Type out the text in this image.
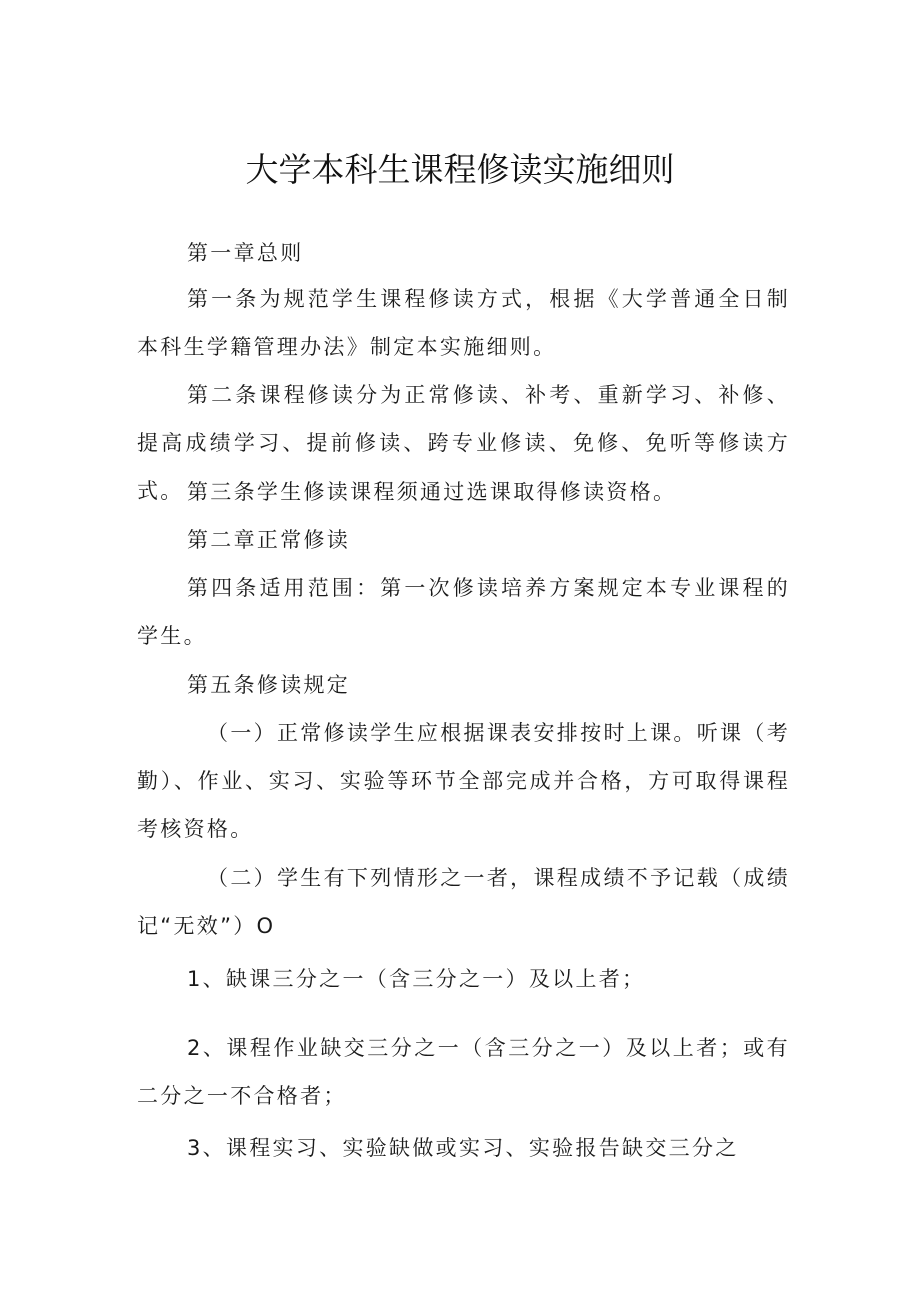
大学本科生课程修读实施细则

第一章总则

第一条为规范学生课程修读方式，根据《大学普通全日制本科生学籍管理办法》制定本实施细则。

第二条课程修读分为正常修读、补考、重新学习、补修、提高成绩学习、提前修读、跨专业修读、免修、免听等修读方式。 第三条学生修读课程须通过选课取得修读资格。

第二章正常修读

第四条适用范围：第一次修读培养方案规定本专业课程的学生。

第五条修读规定

（一）正常修读学生应根据课表安排按时上课。听课（考勤）、作业、实习、实验等环节全部完成并合格，方可取得课程考核资格。

（二）学生有下列情形之一者，课程成绩不予记载（成绩记“无效”）O

1、缺课三分之一（含三分之一）及以上者；

2、课程作业缺交三分之一（含三分之一）及以上者；或有二分之一不合格者；

3、课程实习、实验缺做或实习、实验报告缺交三分之
